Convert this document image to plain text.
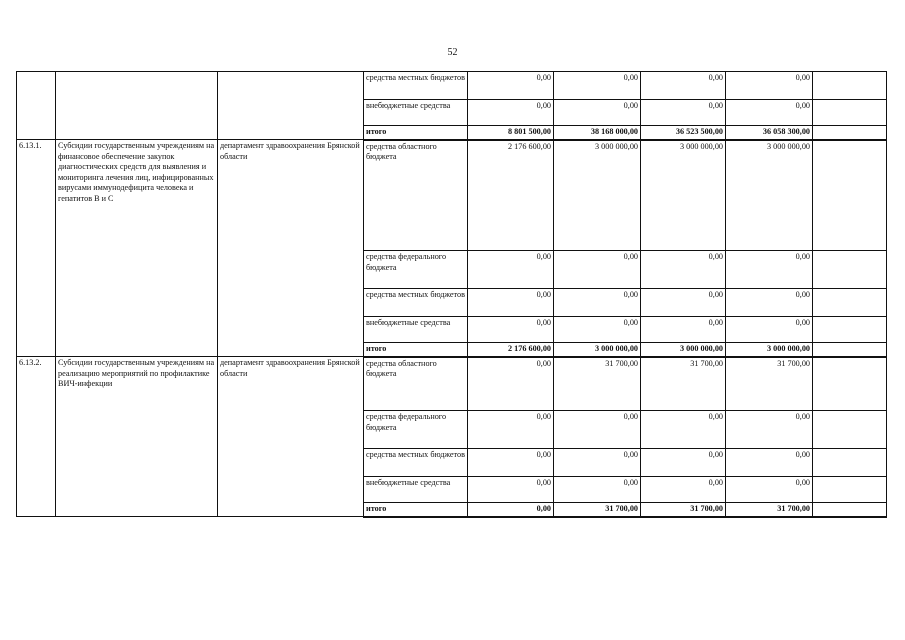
52
			средства местных бюджетов	0,00	0,00	0,00	0,00	
			внебюджетные средства	0,00	0,00	0,00	0,00	
			итого	8 801 500,00	38 168 000,00	36 523 500,00	36 058 300,00	
6.13.1.	Субсидии государственным учреждениям на финансовое обеспечение закупок диагностических средств для выявления и мониторинга лечения лиц, инфицированных вирусами иммунодефицита человека и гепатитов В и С	департамент здравоохранения Брянской области	средства областного бюджета	2 176 600,00	3 000 000,00	3 000 000,00	3 000 000,00	
			средства федерального бюджета	0,00	0,00	0,00	0,00	
			средства местных бюджетов	0,00	0,00	0,00	0,00	
			внебюджетные средства	0,00	0,00	0,00	0,00	
			итого	2 176 600,00	3 000 000,00	3 000 000,00	3 000 000,00	
6.13.2.	Субсидии государственным учреждениям на реализацию мероприятий по профилактике ВИЧ-инфекции	департамент здравоохранения Брянской области	средства областного бюджета	0,00	31 700,00	31 700,00	31 700,00	
			средства федерального бюджета	0,00	0,00	0,00	0,00	
			средства местных бюджетов	0,00	0,00	0,00	0,00	
			внебюджетные средства	0,00	0,00	0,00	0,00	
			итого	0,00	31 700,00	31 700,00	31 700,00	
